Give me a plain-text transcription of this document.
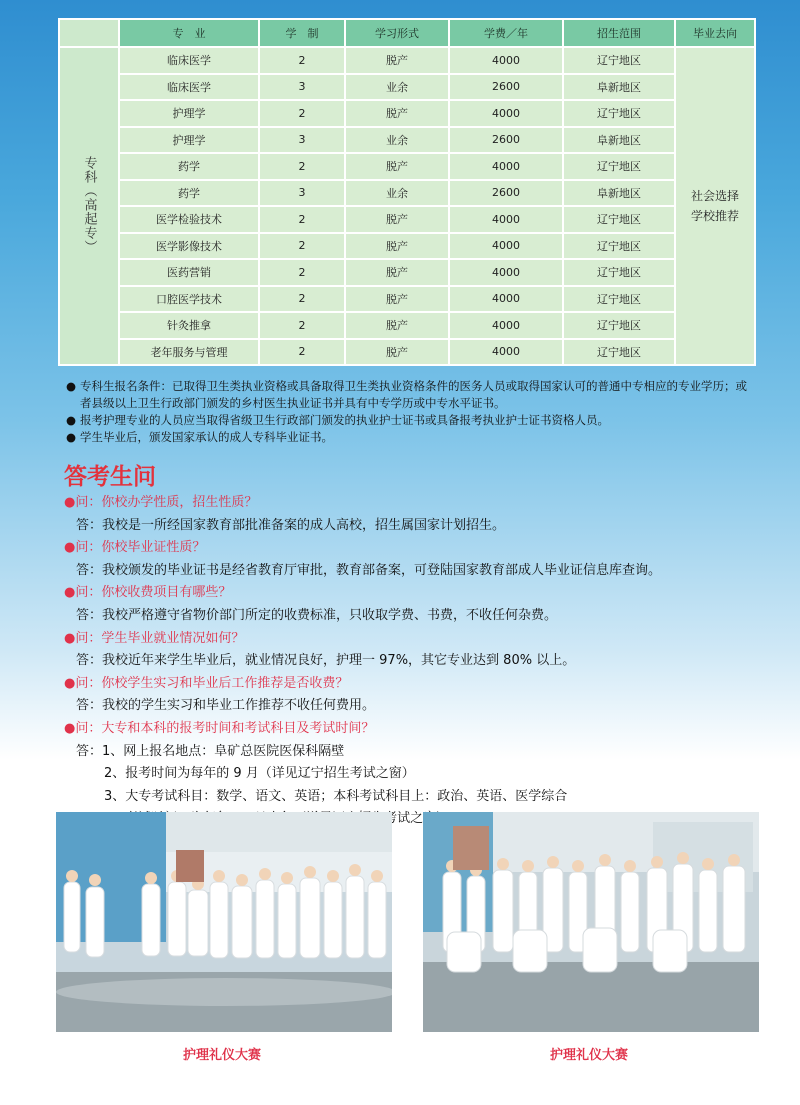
	专　业	学　制	学习形式	学费／年	招生范围	毕业去向
专科（高起专）	临床医学	2	脱产	4000	辽宁地区	社会选择
学校推荐

	临床医学	3	业余	2600	阜新地区	
	护理学	2	脱产	4000	辽宁地区	
	护理学	3	业余	2600	阜新地区	
	药学	2	脱产	4000	辽宁地区	
	药学	3	业余	2600	阜新地区	
	医学检验技术	2	脱产	4000	辽宁地区	
	医学影像技术	2	脱产	4000	辽宁地区	
	医药营销	2	脱产	4000	辽宁地区	
	口腔医学技术	2	脱产	4000	辽宁地区	
	针灸推拿	2	脱产	4000	辽宁地区	
	老年服务与管理	2	脱产	4000	辽宁地区	
● 专科生报名条件：已取得卫生类执业资格或具备取得卫生类执业资格条件的医务人员或取得国家认可的普通中专相应的专业学历；或者县级以上卫生行政部门颁发的乡村医生执业证书并具有中专学历或中专水平证书。
● 报考护理专业的人员应当取得省级卫生行政部门颁发的执业护士证书或具备报考执业护士证书资格人员。
● 学生毕业后，颁发国家承认的成人专科毕业证书。
答考生问
●问：你校办学性质，招生性质？
答：我校是一所经国家教育部批准备案的成人高校，招生属国家计划招生。
●问：你校毕业证性质？
答：我校颁发的毕业证书是经省教育厅审批，教育部备案，可登陆国家教育部成人毕业证信息库查询。
●问：你校收费项目有哪些？
答：我校严格遵守省物价部门所定的收费标准，只收取学费、书费，不收任何杂费。
●问：学生毕业就业情况如何？
答：我校近年来学生毕业后，就业情况良好，护理一 97%，其它专业达到 80% 以上。
●问：你校学生实习和毕业后工作推荐是否收费？
答：我校的学生实习和毕业工作推荐不收任何费用。
●问：大专和本科的报考时间和考试科目及考试时间？
答：1、网上报名地点：阜矿总医院医保科隔壁
2、报考时间为每年的 9 月（详见辽宁招生考试之窗）
3、大专考试科目：数学、语文、英语；本科考试科目上：政治、英语、医学综合
护理礼仪大赛	护理礼仪大赛
